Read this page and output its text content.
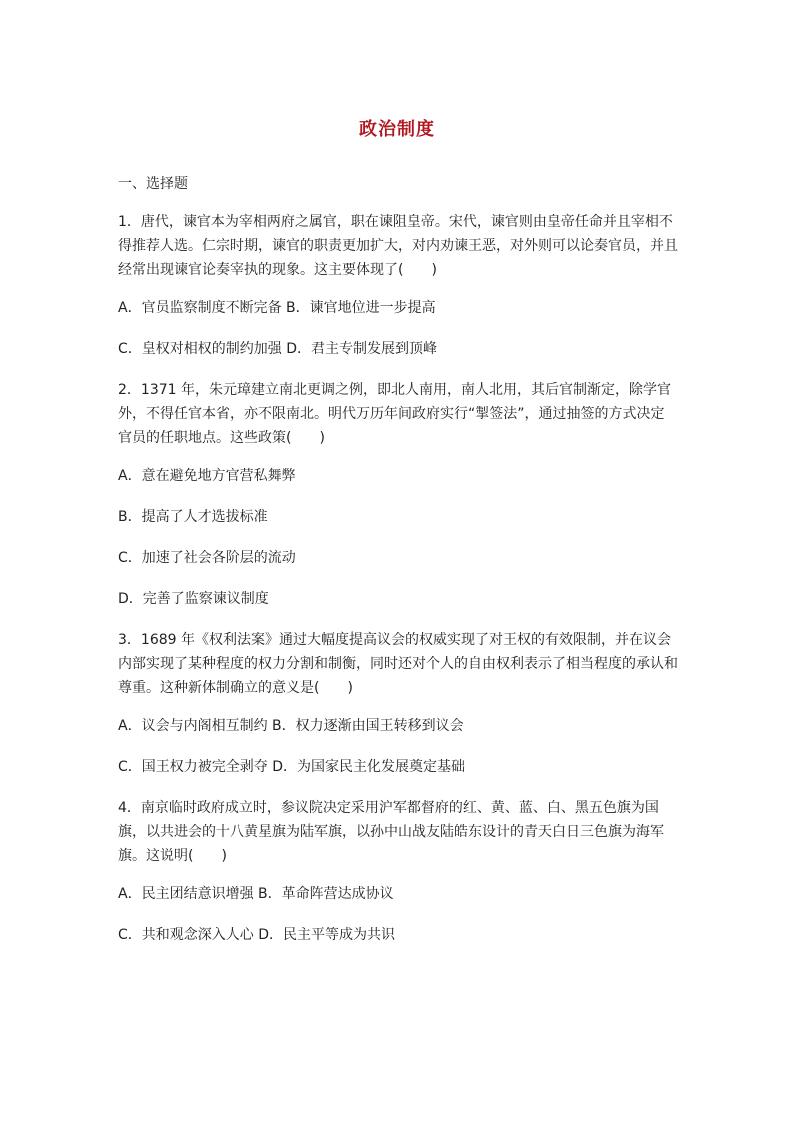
政治制度
一、选择题
1．唐代，谏官本为宰相两府之属官，职在谏阻皇帝。宋代，谏官则由皇帝任命并且宰相不得推荐人选。仁宗时期，谏官的职责更加扩大，对内劝谏王恶，对外则可以论奏官员，并且经常出现谏官论奏宰执的现象。这主要体现了(　　)
A．官员监察制度不断完备 B．谏官地位进一步提高
C．皇权对相权的制约加强 D．君主专制发展到顶峰
2．1371 年，朱元璋建立南北更调之例，即北人南用，南人北用，其后官制渐定，除学官外，不得任官本省，亦不限南北。明代万历年间政府实行“掣签法”，通过抽签的方式决定官员的任职地点。这些政策(　　)
A．意在避免地方官营私舞弊
B．提高了人才选拔标准
C．加速了社会各阶层的流动
D．完善了监察谏议制度
3．1689 年《权利法案》通过大幅度提高议会的权威实现了对王权的有效限制，并在议会内部实现了某种程度的权力分割和制衡，同时还对个人的自由权利表示了相当程度的承认和尊重。这种新体制确立的意义是(　　)
A．议会与内阁相互制约 B．权力逐渐由国王转移到议会
C．国王权力被完全剥夺 D．为国家民主化发展奠定基础
4．南京临时政府成立时，参议院决定采用沪军都督府的红、黄、蓝、白、黑五色旗为国旗，以共进会的十八黄星旗为陆军旗，以孙中山战友陆皓东设计的青天白日三色旗为海军旗。这说明(　　)
A．民主团结意识增强 B．革命阵营达成协议
C．共和观念深入人心 D．民主平等成为共识
